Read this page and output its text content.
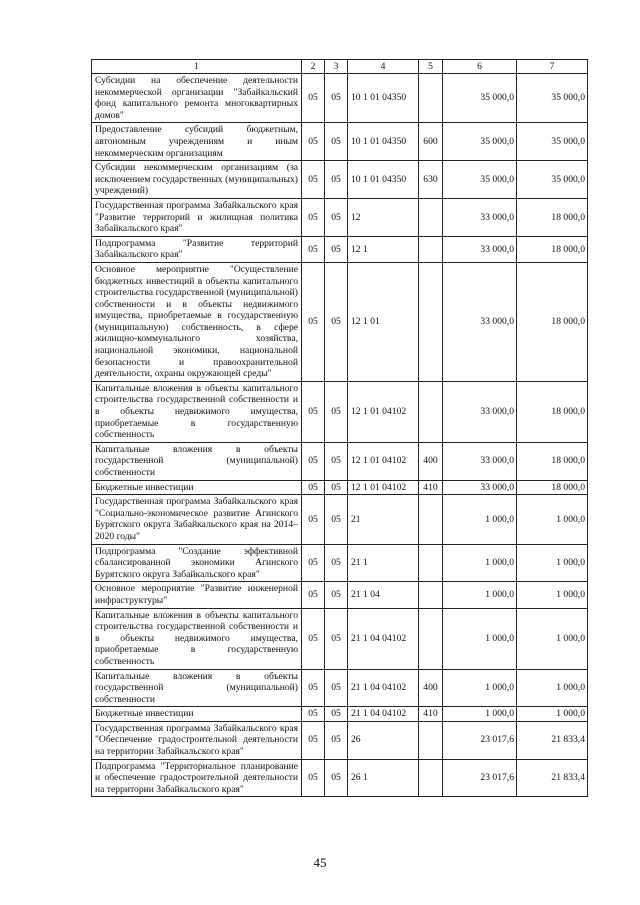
1	2	3	4	5	6	7
Субсидии на обеспечение деятельности некоммерческой организации "Забайкальский фонд капитального ремонта многоквартирных домов"	05	05	10 1 01 04350		35 000,0	35 000,0
Предоставление субсидий бюджетным, автономным учреждениям и иным некоммерческим организациям	05	05	10 1 01 04350	600	35 000,0	35 000,0
Субсидии некоммерческим организациям (за исключением государственных (муниципальных) учреждений)	05	05	10 1 01 04350	630	35 000,0	35 000,0
Государственная программа Забайкальского края "Развитие территорий и жилищная политика Забайкальского края"	05	05	12		33 000,0	18 000,0
Подпрограмма "Развитие территорий Забайкальского края"	05	05	12 1		33 000,0	18 000,0
Основное мероприятие "Осуществление бюджетных инвестиций в объекты капитального строительства государственной (муниципальной) собственности и в объекты недвижимого имущества, приобретаемые в государственную (муниципальную) собственность, в сфере жилищно-коммунального хозяйства, национальной экономики, национальной безопасности и правоохранительной деятельности, охраны окружающей среды"	05	05	12 1 01		33 000,0	18 000,0
Капитальные вложения в объекты капитального строительства государственной собственности и в объекты недвижимого имущества, приобретаемые в государственную собственность	05	05	12 1 01 04102		33 000,0	18 000,0
Капитальные вложения в объекты государственной (муниципальной) собственности	05	05	12 1 01 04102	400	33 000,0	18 000,0
Бюджетные инвестиции	05	05	12 1 01 04102	410	33 000,0	18 000,0
Государственная программа Забайкальского края "Социально-экономическое развитие Агинского Бурятского округа Забайкальского края на 2014–2020 годы"	05	05	21		1 000,0	1 000,0
Подпрограмма "Создание эффективной сбалансированной экономики Агинского Бурятского округа Забайкальского края"	05	05	21 1		1 000,0	1 000,0
Основное мероприятие "Развитие инженерной инфраструктуры"	05	05	21 1 04		1 000,0	1 000,0
Капитальные вложения в объекты капитального строительства государственной собственности и в объекты недвижимого имущества, приобретаемые в государственную собственность	05	05	21 1 04 04102		1 000,0	1 000,0
Капитальные вложения в объекты государственной (муниципальной) собственности	05	05	21 1 04 04102	400	1 000,0	1 000,0
Бюджетные инвестиции	05	05	21 1 04 04102	410	1 000,0	1 000,0
Государственная программа Забайкальского края "Обеспечение градостроительной деятельности на территории Забайкальского края"	05	05	26		23 017,6	21 833,4
Подпрограмма "Территориальное планирование и обеспечение градостроительной деятельности на территории Забайкальского края"	05	05	26 1		23 017,6	21 833,4
45
